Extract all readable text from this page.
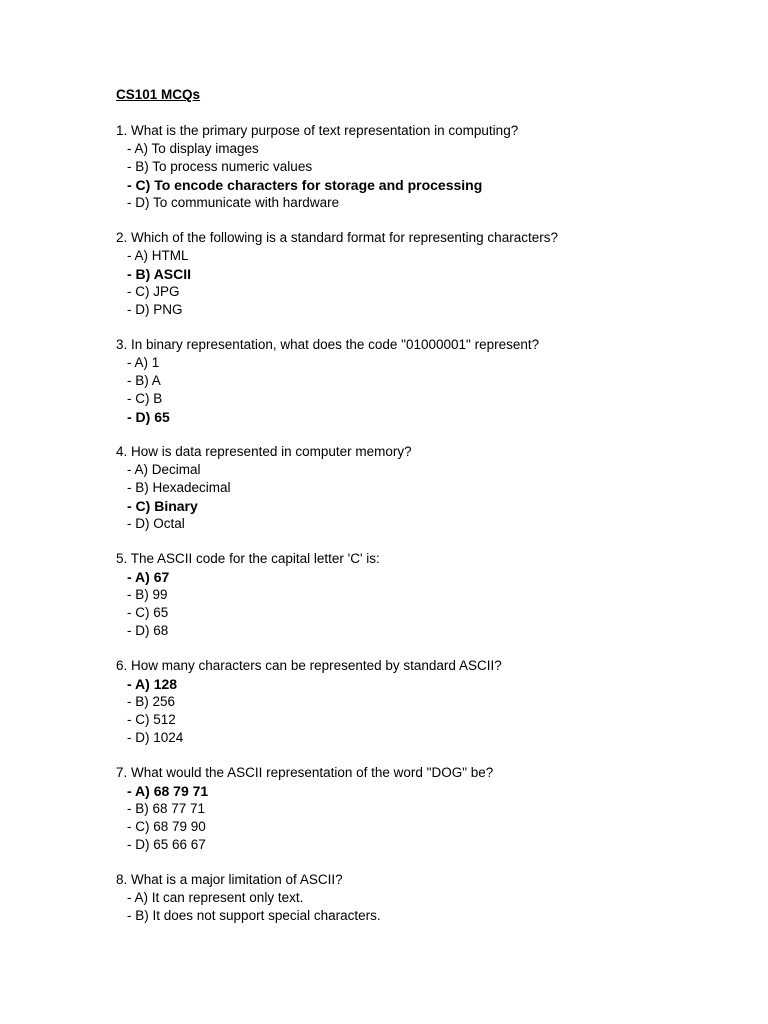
CS101 MCQs
1. What is the primary purpose of text representation in computing?
- A) To display images
- B) To process numeric values
- C) To encode characters for storage and processing
- D) To communicate with hardware
2. Which of the following is a standard format for representing characters?
- A) HTML
- B) ASCII
- C) JPG
- D) PNG
3. In binary representation, what does the code "01000001" represent?
- A) 1
- B) A
- C) B
- D) 65
4. How is data represented in computer memory?
- A) Decimal
- B) Hexadecimal
- C) Binary
- D) Octal
5. The ASCII code for the capital letter 'C' is:
- A) 67
- B) 99
- C) 65
- D) 68
6. How many characters can be represented by standard ASCII?
- A) 128
- B) 256
- C) 512
- D) 1024
7. What would the ASCII representation of the word "DOG" be?
- A) 68 79 71
- B) 68 77 71
- C) 68 79 90
- D) 65 66 67
8. What is a major limitation of ASCII?
- A) It can represent only text.
- B) It does not support special characters.
